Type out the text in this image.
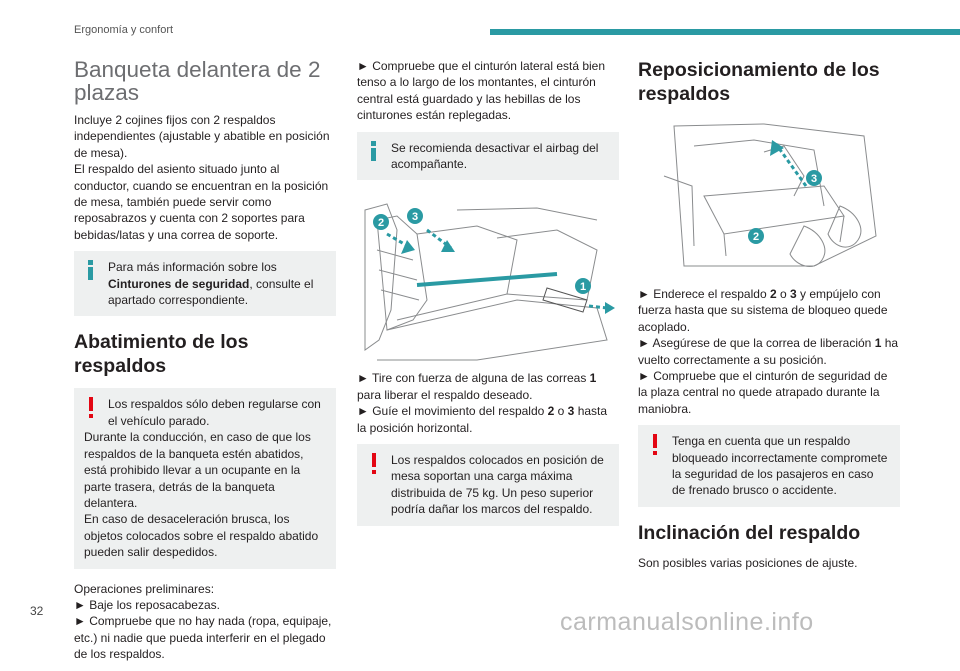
Ergonomía y confort
Banqueta delantera de 2 plazas

Incluye 2 cojines fijos con 2 respaldos independientes (ajustable y abatible en posición de mesa).
El respaldo del asiento situado junto al conductor, cuando se encuentran en la posición de mesa, también puede servir como reposabrazos y cuenta con 2 soportes para bebidas/latas y una correa de soporte.

Para más información sobre los Cinturones de seguridad, consulte el apartado correspondiente.
Abatimiento de los respaldos
Los respaldos sólo deben regularse con el vehículo parado.
Durante la conducción, en caso de que los respaldos de la banqueta estén abatidos, está prohibido llevar a un ocupante en la parte trasera, detrás de la banqueta delantera.
En caso de desaceleración brusca, los objetos colocados sobre el respaldo abatido pueden salir despedidos.

Operaciones preliminares:

► Baje los reposacabezas.

► Compruebe que no hay nada (ropa, equipaje, etc.) ni nadie que pueda interferir en el plegado de los respaldos.

► Compruebe que el cinturón lateral está bien tenso a lo largo de los montantes, el cinturón central está guardado y las hebillas de los cinturones están replegadas.

Se recomienda desactivar el airbag del acompañante.
2	3
1

► Tire con fuerza de alguna de las correas 1 para liberar el respaldo deseado.

► Guíe el movimiento del respaldo 2 o 3 hasta la posición horizontal.

Los respaldos colocados en posición de mesa soportan una carga máxima distribuida de 75 kg. Un peso superior podría dañar los marcos del respaldo.
Reposicionamiento de los respaldos
3
2

► Enderece el respaldo 2 o 3 y empújelo con fuerza hasta que su sistema de bloqueo quede acoplado.

► Asegúrese de que la correa de liberación 1 ha vuelto correctamente a su posición.

► Compruebe que el cinturón de seguridad de la plaza central no quede atrapado durante la maniobra.

Tenga en cuenta que un respaldo bloqueado incorrectamente compromete la seguridad de los pasajeros en caso de frenado brusco o accidente.
Inclinación del respaldo

Son posibles varias posiciones de ajuste.

32	carmanualsonline.info
